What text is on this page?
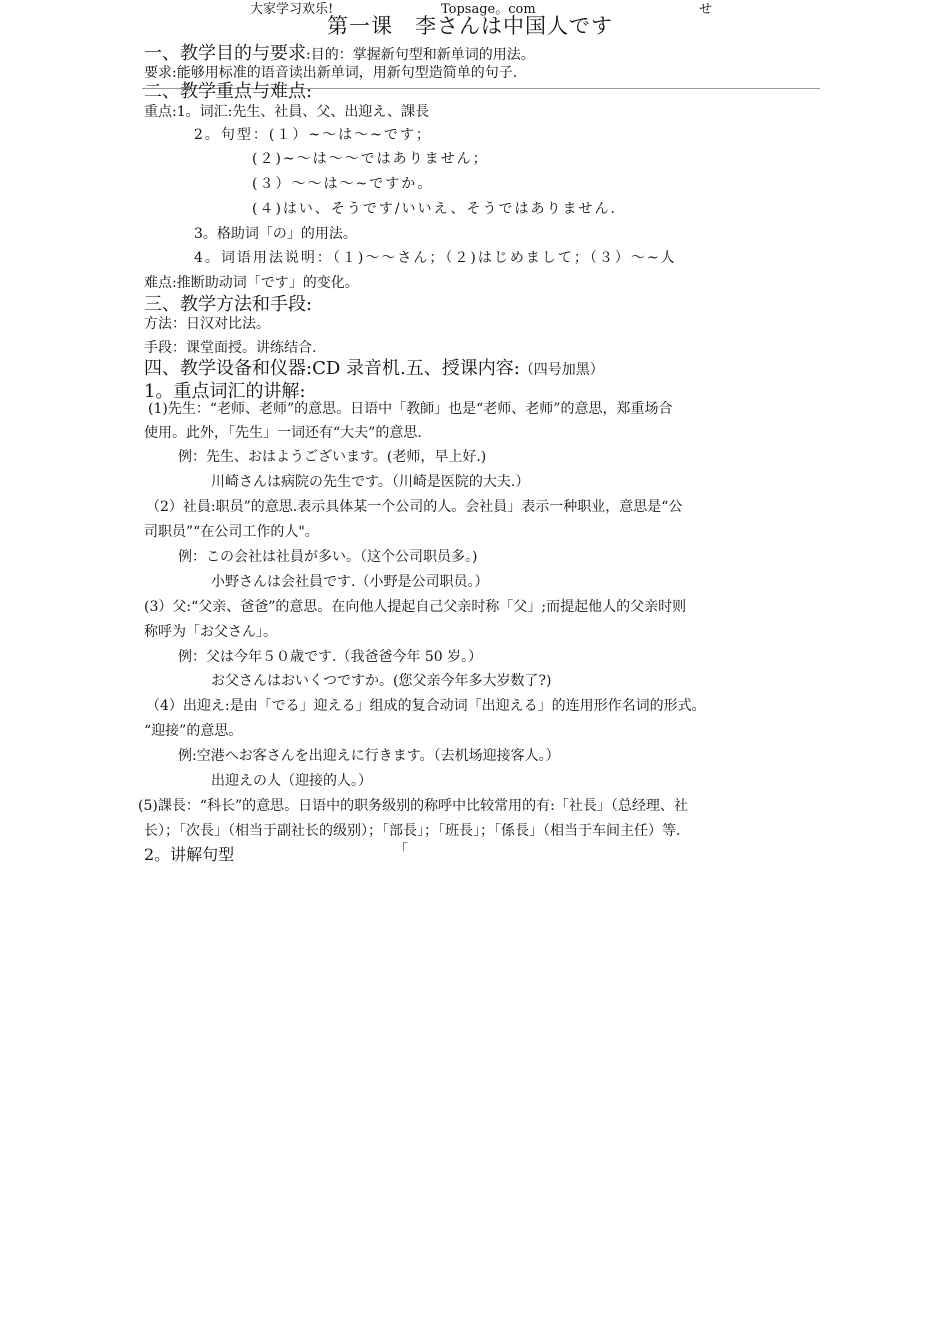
大家学习欢乐!	Topsage。com	せ
第一课　李さんは中国人です
一、教学目的与要求:目的：掌握新句型和新单词的用法。
要求:能够用标准的语音读出新单词，用新句型造简单的句子.
二、教学重点与难点:
重点:1。词汇:先生、社員、父、出迎え、課長
2。句型：(１）~～は～~です；
(２)~～は～～ではありません；
(３）～～は～~ですか。
(４)はい、そうです/いいえ、そうではありません.
3。格助词「の」的用法。
4。词语用法说明：（１)～～さん；（２)はじめまして；（３）～~人
难点:推断助动词「です」的变化。
三、教学方法和手段:
方法：日汉对比法。
手段：课堂面授。讲练结合.
四、教学设备和仪器:CD 录音机.五、授课内容:（四号加黑）
1。重点词汇的讲解:
(1)先生：“老师、老师”的意思。日语中「教師」也是“老师、老师”的意思，郑重场合
使用。此外，「先生」一词还有“大夫”的意思.
例：先生、おはようございます。(老师，早上好.)
川崎さんは病院の先生です。（川崎是医院的大夫.）
（2）社員:职员”的意思.表示具体某一个公司的人。会社員」表示一种职业，意思是“公
司职员”“在公司工作的人"。
例：この会社は社員が多い。（这个公司职员多。)
小野さんは会社員です.（小野是公司职员。）
(3）父:“父亲、爸爸”的意思。在向他人提起自己父亲时称「父」;而提起他人的父亲时则
称呼为「お父さん」。
例：父は今年５０歳です.（我爸爸今年 50 岁。）
お父さんはおいくつですか。(您父亲今年多大岁数了?)
（4）出迎え:是由「でる」迎える」组成的复合动词「出迎える」的连用形作名词的形式。
“迎接”的意思。
例:空港へお客さんを出迎えに行きます。（去机场迎接客人。）
出迎えの人（迎接的人。）
(5)課長：“科长”的意思。日语中的职务级别的称呼中比较常用的有:「社長」（总经理、社
长）；「次長」（相当于副社长的级别）；「部長」；「班長」；「係長」（相当于车间主任）等.
2。讲解句型	「
